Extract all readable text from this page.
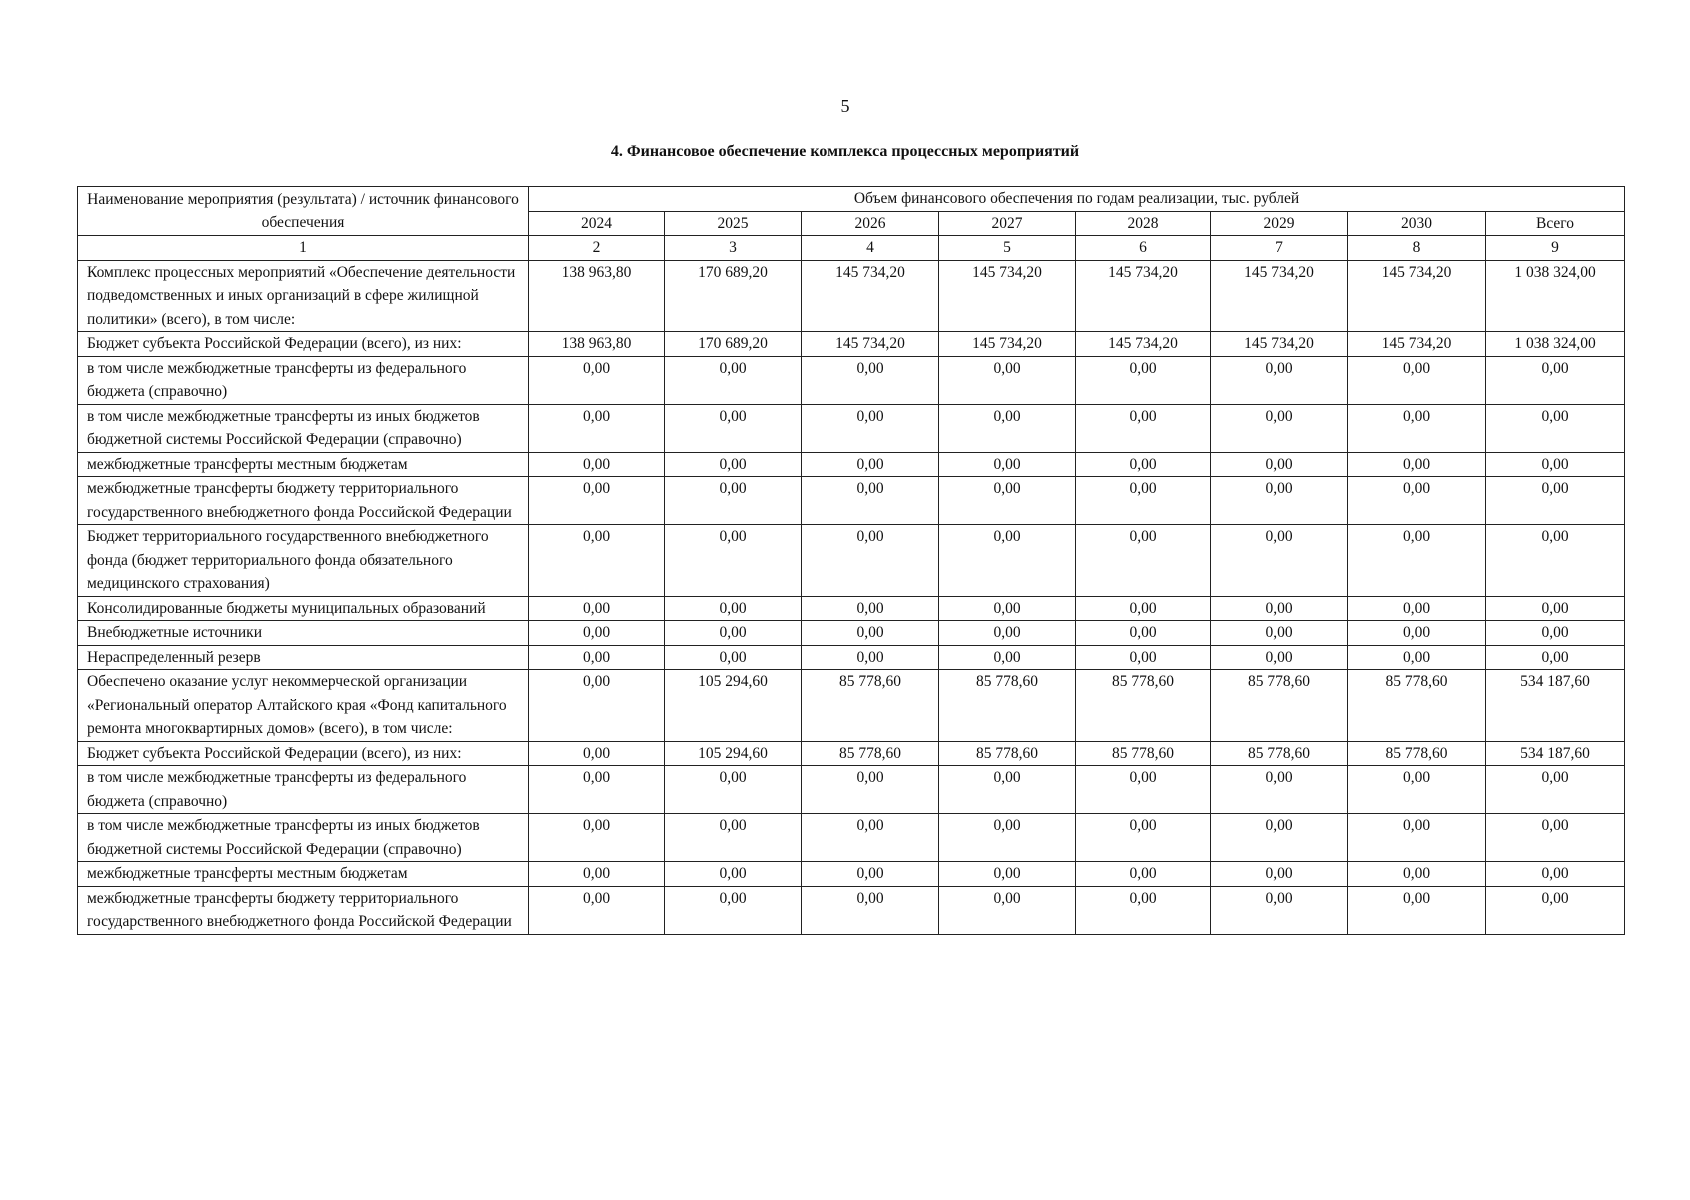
5
4. Финансовое обеспечение комплекса процессных мероприятий
Наименование мероприятия (результата) / источник финансового обеспечения	Объем финансового обеспечения по годам реализации, тыс. рублей							
	2024	2025	2026	2027	2028	2029	2030	Всего
1	2	3	4	5	6	7	8	9
Комплекс процессных мероприятий «Обеспечение деятельности подведомственных и иных организаций в сфере жилищной политики» (всего), в том числе:	138 963,80	170 689,20	145 734,20	145 734,20	145 734,20	145 734,20	145 734,20	1 038 324,00
Бюджет субъекта Российской Федерации (всего), из них:	138 963,80	170 689,20	145 734,20	145 734,20	145 734,20	145 734,20	145 734,20	1 038 324,00
в том числе межбюджетные трансферты из федерального бюджета (справочно)	0,00	0,00	0,00	0,00	0,00	0,00	0,00	0,00
в том числе межбюджетные трансферты из иных бюджетов бюджетной системы Российской Федерации (справочно)	0,00	0,00	0,00	0,00	0,00	0,00	0,00	0,00
межбюджетные трансферты местным бюджетам	0,00	0,00	0,00	0,00	0,00	0,00	0,00	0,00
межбюджетные трансферты бюджету территориального государственного внебюджетного фонда Российской Федерации	0,00	0,00	0,00	0,00	0,00	0,00	0,00	0,00
Бюджет территориального государственного внебюджетного фонда (бюджет территориального фонда обязательного медицинского страхования)	0,00	0,00	0,00	0,00	0,00	0,00	0,00	0,00
Консолидированные бюджеты муниципальных образований	0,00	0,00	0,00	0,00	0,00	0,00	0,00	0,00
Внебюджетные источники	0,00	0,00	0,00	0,00	0,00	0,00	0,00	0,00
Нераспределенный резерв	0,00	0,00	0,00	0,00	0,00	0,00	0,00	0,00
Обеспечено оказание услуг некоммерческой организации «Региональный оператор Алтайского края «Фонд капитального ремонта многоквартирных домов» (всего), в том числе:	0,00	105 294,60	85 778,60	85 778,60	85 778,60	85 778,60	85 778,60	534 187,60
Бюджет субъекта Российской Федерации (всего), из них:	0,00	105 294,60	85 778,60	85 778,60	85 778,60	85 778,60	85 778,60	534 187,60
в том числе межбюджетные трансферты из федерального бюджета (справочно)	0,00	0,00	0,00	0,00	0,00	0,00	0,00	0,00
в том числе межбюджетные трансферты из иных бюджетов бюджетной системы Российской Федерации (справочно)	0,00	0,00	0,00	0,00	0,00	0,00	0,00	0,00
межбюджетные трансферты местным бюджетам	0,00	0,00	0,00	0,00	0,00	0,00	0,00	0,00
межбюджетные трансферты бюджету территориального государственного внебюджетного фонда Российской Федерации	0,00	0,00	0,00	0,00	0,00	0,00	0,00	0,00
